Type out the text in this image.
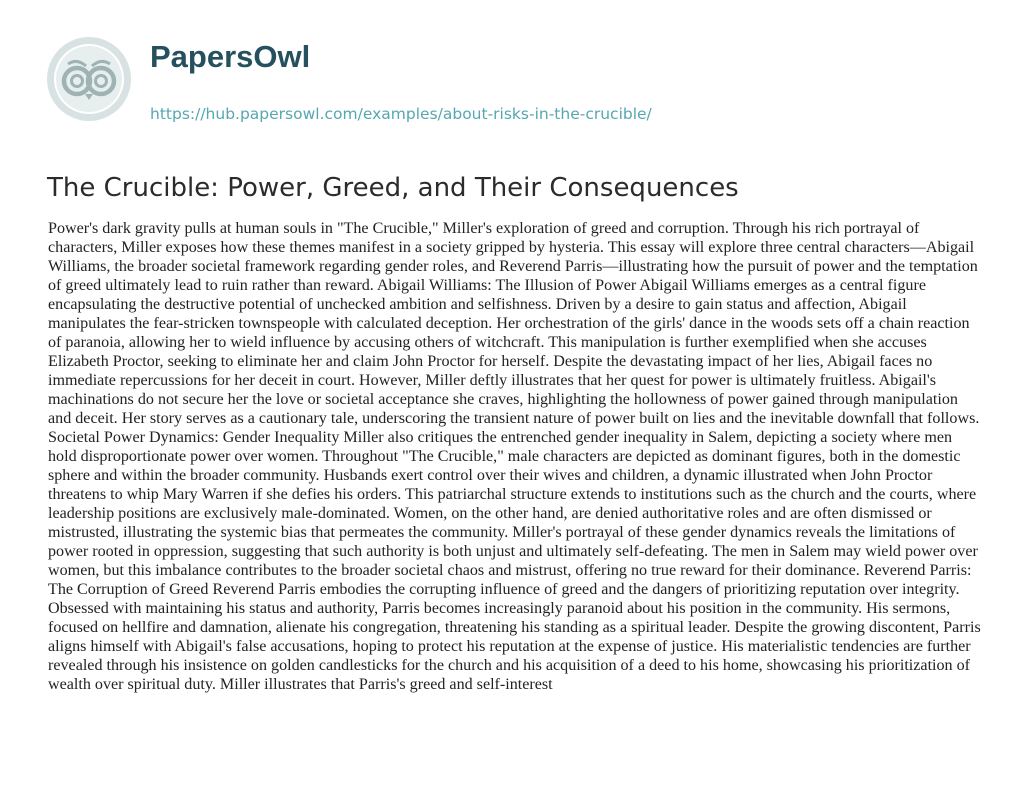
PapersOwl
https://hub.papersowl.com/examples/about-risks-in-the-crucible/
The Crucible: Power, Greed, and Their Consequences

Power's dark gravity pulls at human souls in "The Crucible," Miller's exploration of greed and corruption. Through his rich portrayal of characters, Miller exposes how these themes manifest in a society gripped by hysteria. This essay will explore three central characters—Abigail Williams, the broader societal framework regarding gender roles, and Reverend Parris—illustrating how the pursuit of power and the temptation of greed ultimately lead to ruin rather than reward. Abigail Williams: The Illusion of Power Abigail Williams emerges as a central figure encapsulating the destructive potential of unchecked ambition and selfishness. Driven by a desire to gain status and affection, Abigail manipulates the fear-stricken townspeople with calculated deception. Her orchestration of the girls' dance in the woods sets off a chain reaction of paranoia, allowing her to wield influence by accusing others of witchcraft. This manipulation is further exemplified when she accuses Elizabeth Proctor, seeking to eliminate her and claim John Proctor for herself. Despite the devastating impact of her lies, Abigail faces no immediate repercussions for her deceit in court. However, Miller deftly illustrates that her quest for power is ultimately fruitless. Abigail's machinations do not secure her the love or societal acceptance she craves, highlighting the hollowness of power gained through manipulation and deceit. Her story serves as a cautionary tale, underscoring the transient nature of power built on lies and the inevitable downfall that follows. Societal Power Dynamics: Gender Inequality Miller also critiques the entrenched gender inequality in Salem, depicting a society where men hold disproportionate power over women. Throughout "The Crucible," male characters are depicted as dominant figures, both in the domestic sphere and within the broader community. Husbands exert control over their wives and children, a dynamic illustrated when John Proctor threatens to whip Mary Warren if she defies his orders. This patriarchal structure extends to institutions such as the church and the courts, where leadership positions are exclusively male-dominated. Women, on the other hand, are denied authoritative roles and are often dismissed or mistrusted, illustrating the systemic bias that permeates the community. Miller's portrayal of these gender dynamics reveals the limitations of power rooted in oppression, suggesting that such authority is both unjust and ultimately self-defeating. The men in Salem may wield power over women, but this imbalance contributes to the broader societal chaos and mistrust, offering no true reward for their dominance. Reverend Parris: The Corruption of Greed Reverend Parris embodies the corrupting influence of greed and the dangers of prioritizing reputation over integrity. Obsessed with maintaining his status and authority, Parris becomes increasingly paranoid about his position in the community. His sermons, focused on hellfire and damnation, alienate his congregation, threatening his standing as a spiritual leader. Despite the growing discontent, Parris aligns himself with Abigail's false accusations, hoping to protect his reputation at the expense of justice. His materialistic tendencies are further revealed through his insistence on golden candlesticks for the church and his acquisition of a deed to his home, showcasing his prioritization of wealth over spiritual duty. Miller illustrates that Parris's greed and self-interest
